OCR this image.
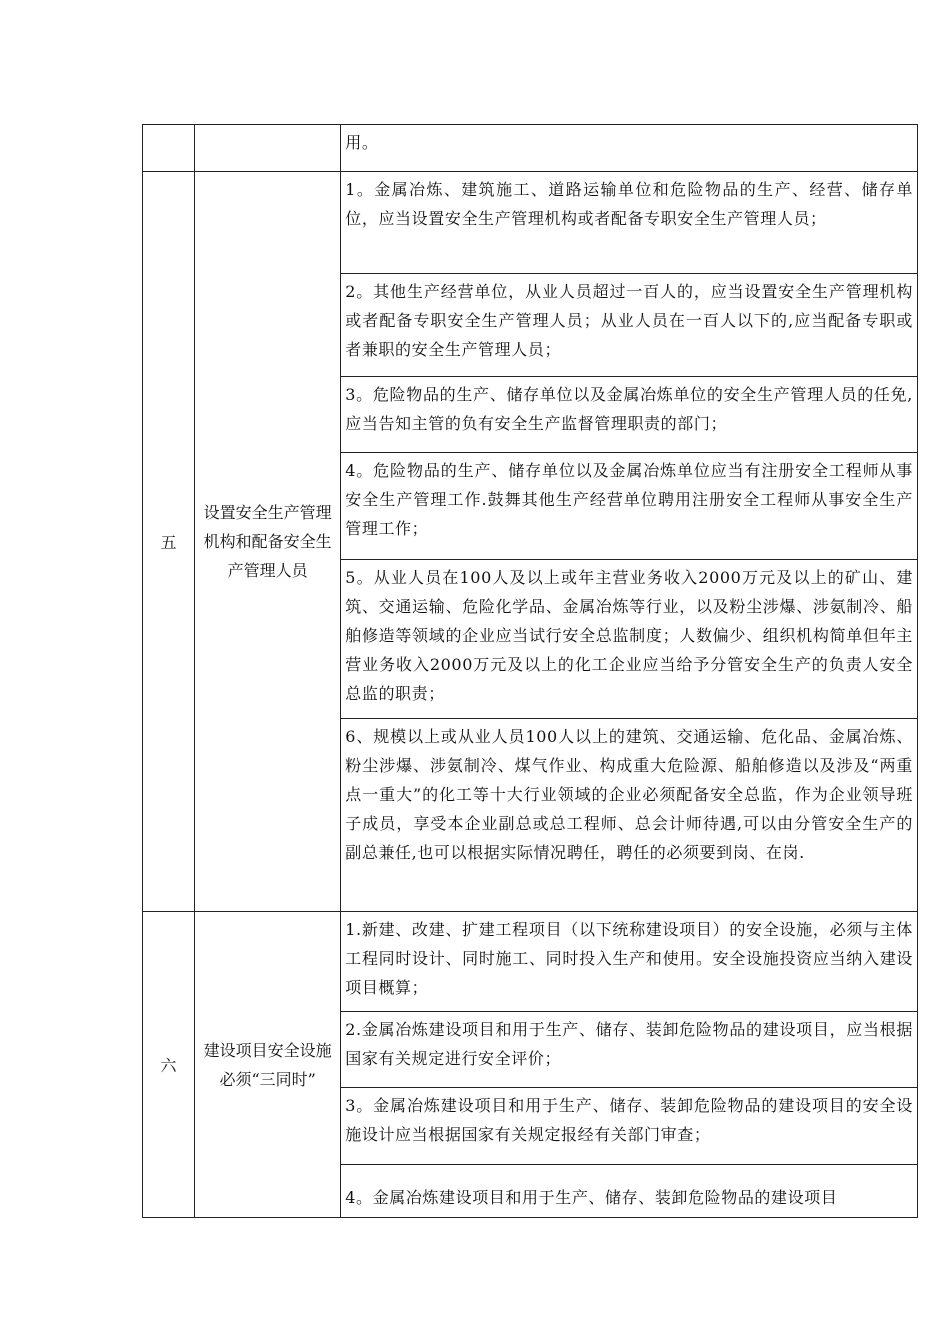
		用。
五	设置安全生产管理机构和配备安全生产管理人员	1。金属冶炼、建筑施工、道路运输单位和危险物品的生产、经营、储存单位，应当设置安全生产管理机构或者配备专职安全生产管理人员；
		2。其他生产经营单位，从业人员超过一百人的，应当设置安全生产管理机构或者配备专职安全生产管理人员；从业人员在一百人以下的,应当配备专职或者兼职的安全生产管理人员；
		3。危险物品的生产、储存单位以及金属冶炼单位的安全生产管理人员的任免,应当告知主管的负有安全生产监督管理职责的部门；
		4。危险物品的生产、储存单位以及金属冶炼单位应当有注册安全工程师从事安全生产管理工作.鼓舞其他生产经营单位聘用注册安全工程师从事安全生产管理工作；
		5。从业人员在100人及以上或年主营业务收入2000万元及以上的矿山、建筑、交通运输、危险化学品、金属冶炼等行业，以及粉尘涉爆、涉氨制冷、船舶修造等领域的企业应当试行安全总监制度；人数偏少、组织机构简单但年主营业务收入2000万元及以上的化工企业应当给予分管安全生产的负责人安全总监的职责；
		6、规模以上或从业人员100人以上的建筑、交通运输、危化品、金属冶炼、粉尘涉爆、涉氨制冷、煤气作业、构成重大危险源、船舶修造以及涉及“两重点一重大”的化工等十大行业领域的企业必须配备安全总监，作为企业领导班子成员，享受本企业副总或总工程师、总会计师待遇,可以由分管安全生产的副总兼任,也可以根据实际情况聘任，聘任的必须要到岗、在岗.
六	建设项目安全设施必须“三同时”	1.新建、改建、扩建工程项目（以下统称建设项目）的安全设施，必须与主体工程同时设计、同时施工、同时投入生产和使用。安全设施投资应当纳入建设项目概算；
		2.金属冶炼建设项目和用于生产、储存、装卸危险物品的建设项目，应当根据国家有关规定进行安全评价；
		3。金属冶炼建设项目和用于生产、储存、装卸危险物品的建设项目的安全设施设计应当根据国家有关规定报经有关部门审查；
		4。金属冶炼建设项目和用于生产、储存、装卸危险物品的建设项目
